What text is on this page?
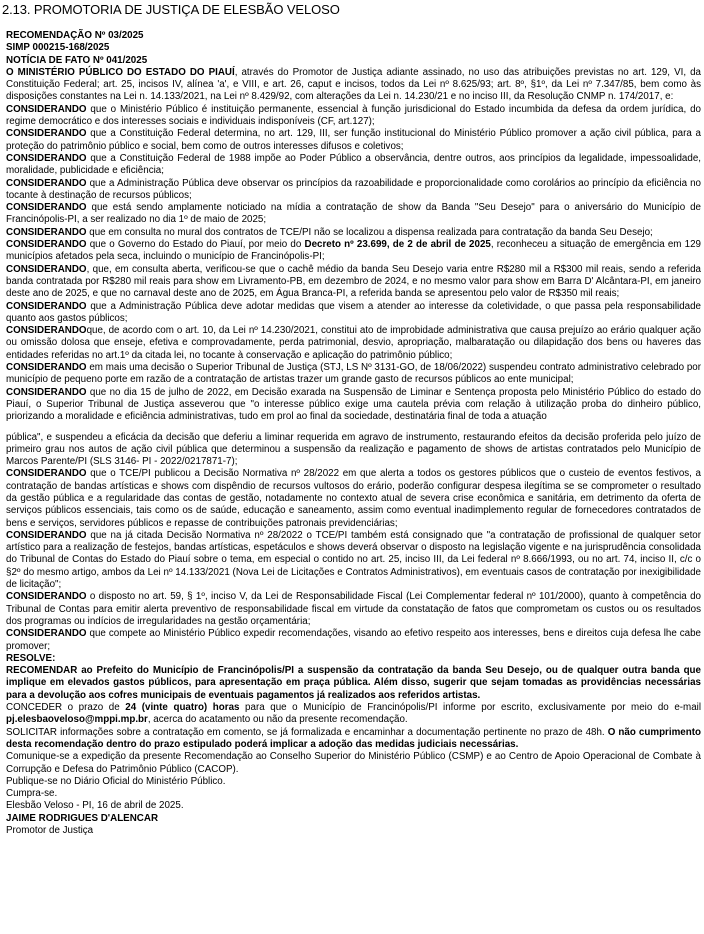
2.13. PROMOTORIA DE JUSTIÇA DE ELESBÃO VELOSO

RECOMENDAÇÃO Nº 03/2025

SIMP 000215-168/2025

NOTÍCIA DE FATO Nº 041/2025

O MINISTÉRIO PÚBLICO DO ESTADO DO PIAUÍ, através do Promotor de Justiça adiante assinado, no uso das atribuições previstas no art. 129, VI, da Constituição Federal; art. 25, incisos IV, alínea 'a', e VIII, e art. 26, caput e incisos, todos da Lei nº 8.625/93; art. 8º, §1º, da Lei nº 7.347/85, bem como às disposições constantes na Lei n. 14.133/2021, na Lei nº 8.429/92, com alterações da Lei n. 14.230/21 e no inciso III, da Resolução CNMP n. 174/2017, e:

CONSIDERANDO que o Ministério Público é instituição permanente, essencial à função jurisdicional do Estado incumbida da defesa da ordem jurídica, do regime democrático e dos interesses sociais e individuais indisponíveis (CF, art.127);

CONSIDERANDO que a Constituição Federal determina, no art. 129, III, ser função institucional do Ministério Público promover a ação civil pública, para a proteção do patrimônio público e social, bem como de outros interesses difusos e coletivos;

CONSIDERANDO que a Constituição Federal de 1988 impõe ao Poder Público a observância, dentre outros, aos princípios da legalidade, impessoalidade, moralidade, publicidade e eficiência;

CONSIDERANDO que a Administração Pública deve observar os princípios da razoabilidade e proporcionalidade como corolários ao princípio da eficiência no tocante à destinação de recursos públicos;

CONSIDERANDO que está sendo amplamente noticiado na mídia a contratação de show da Banda "Seu Desejo" para o aniversário do Município de Francinópolis-PI, a ser realizado no dia 1º de maio de 2025;

CONSIDERANDO que em consulta no mural dos contratos de TCE/PI não se localizou a dispensa realizada para contratação da banda Seu Desejo;

CONSIDERANDO que o Governo do Estado do Piauí, por meio do Decreto nº 23.699, de 2 de abril de 2025, reconheceu a situação de emergência em 129 municípios afetados pela seca, incluindo o município de Francinópolis-PI;

CONSIDERANDO, que, em consulta aberta, verificou-se que o cachê médio da banda Seu Desejo varia entre R$280 mil a R$300 mil reais, sendo a referida banda contratada por R$280 mil reais para show em Livramento-PB, em dezembro de 2024, e no mesmo valor para show em Barra D' Alcântara-PI, em janeiro deste ano de 2025, e que no carnaval deste ano de 2025, em Água Branca-PI, a referida banda se apresentou pelo valor de R$350 mil reais;

CONSIDERANDO que a Administração Pública deve adotar medidas que visem a atender ao interesse da coletividade, o que passa pela responsabilidade quanto aos gastos públicos;

CONSIDERANDOque, de acordo com o art. 10, da Lei nº 14.230/2021, constitui ato de improbidade administrativa que causa prejuízo ao erário qualquer ação ou omissão dolosa que enseje, efetiva e comprovadamente, perda patrimonial, desvio, apropriação, malbaratação ou dilapidação dos bens ou haveres das entidades referidas no art.1º da citada lei, no tocante à conservação e aplicação do patrimônio público;

CONSIDERANDO em mais uma decisão o Superior Tribunal de Justiça (STJ, LS Nº 3131-GO, de 18/06/2022) suspendeu contrato administrativo celebrado por município de pequeno porte em razão de a contratação de artistas trazer um grande gasto de recursos públicos ao ente municipal;

CONSIDERANDO que no dia 15 de julho de 2022, em Decisão exarada na Suspensão de Liminar e Sentença proposta pelo Ministério Público do estado do Piauí, o Superior Tribunal de Justiça asseverou que "o interesse público exige uma cautela prévia com relação à utilização proba do dinheiro público, priorizando a moralidade e eficiência administrativas, tudo em prol ao final da sociedade, destinatária final de toda a atuação

pública", e suspendeu a eficácia da decisão que deferiu a liminar requerida em agravo de instrumento, restaurando efeitos da decisão proferida pelo juízo de primeiro grau nos autos de ação civil pública que determinou a suspensão da realização e pagamento de shows de artistas contratados pelo Município de Marcos Parente/PI (SLS 3146- PI - 2022/0217871-7);

CONSIDERANDO que o TCE/PI publicou a Decisão Normativa nº 28/2022 em que alerta a todos os gestores públicos que o custeio de eventos festivos, a contratação de bandas artísticas e shows com dispêndio de recursos vultosos do erário, poderão configurar despesa ilegítima se se comprometer o resultado da gestão pública e a regularidade das contas de gestão, notadamente no contexto atual de severa crise econômica e sanitária, em detrimento da oferta de serviços públicos essenciais, tais como os de saúde, educação e saneamento, assim como eventual inadimplemento regular de fornecedores contratados de bens e serviços, servidores públicos e repasse de contribuições patronais previdenciárias;

CONSIDERANDO que na já citada Decisão Normativa nº 28/2022 o TCE/PI também está consignado que "a contratação de profissional de qualquer setor artístico para a realização de festejos, bandas artísticas, espetáculos e shows deverá observar o disposto na legislação vigente e na jurisprudência consolidada do Tribunal de Contas do Estado do Piauí sobre o tema, em especial o contido no art. 25, inciso III, da Lei federal nº 8.666/1993, ou no art. 74, inciso II, c/c o §2º do mesmo artigo, ambos da Lei nº 14.133/2021 (Nova Lei de Licitações e Contratos Administrativos), em eventuais casos de contratação por inexigibilidade de licitação";

CONSIDERANDO o disposto no art. 59, § 1º, inciso V, da Lei de Responsabilidade Fiscal (Lei Complementar federal nº 101/2000), quanto à competência do Tribunal de Contas para emitir alerta preventivo de responsabilidade fiscal em virtude da constatação de fatos que comprometam os custos ou os resultados dos programas ou indícios de irregularidades na gestão orçamentária;

CONSIDERANDO que compete ao Ministério Público expedir recomendações, visando ao efetivo respeito aos interesses, bens e direitos cuja defesa lhe cabe promover;

RESOLVE:

RECOMENDAR ao Prefeito do Município de Francinópolis/PI a suspensão da contratação da banda Seu Desejo, ou de qualquer outra banda que implique em elevados gastos públicos, para apresentação em praça pública. Além disso, sugerir que sejam tomadas as providências necessárias para a devolução aos cofres municipais de eventuais pagamentos já realizados aos referidos artistas.

CONCEDER o prazo de 24 (vinte quatro) horas para que o Município de Francinópolis/PI informe por escrito, exclusivamente por meio do e-mail pj.elesbaoveloso@mppi.mp.br, acerca do acatamento ou não da presente recomendação.

SOLICITAR informações sobre a contratação em comento, se já formalizada e encaminhar a documentação pertinente no prazo de 48h. O não cumprimento desta recomendação dentro do prazo estipulado poderá implicar a adoção das medidas judiciais necessárias.

Comunique-se a expedição da presente Recomendação ao Conselho Superior do Ministério Público (CSMP) e ao Centro de Apoio Operacional de Combate à Corrupção e Defesa do Patrimônio Público (CACOP).

Publique-se no Diário Oficial do Ministério Público.

Cumpra-se.

Elesbão Veloso - PI, 16 de abril de 2025.

JAIME RODRIGUES D'ALENCAR

Promotor de Justiça
